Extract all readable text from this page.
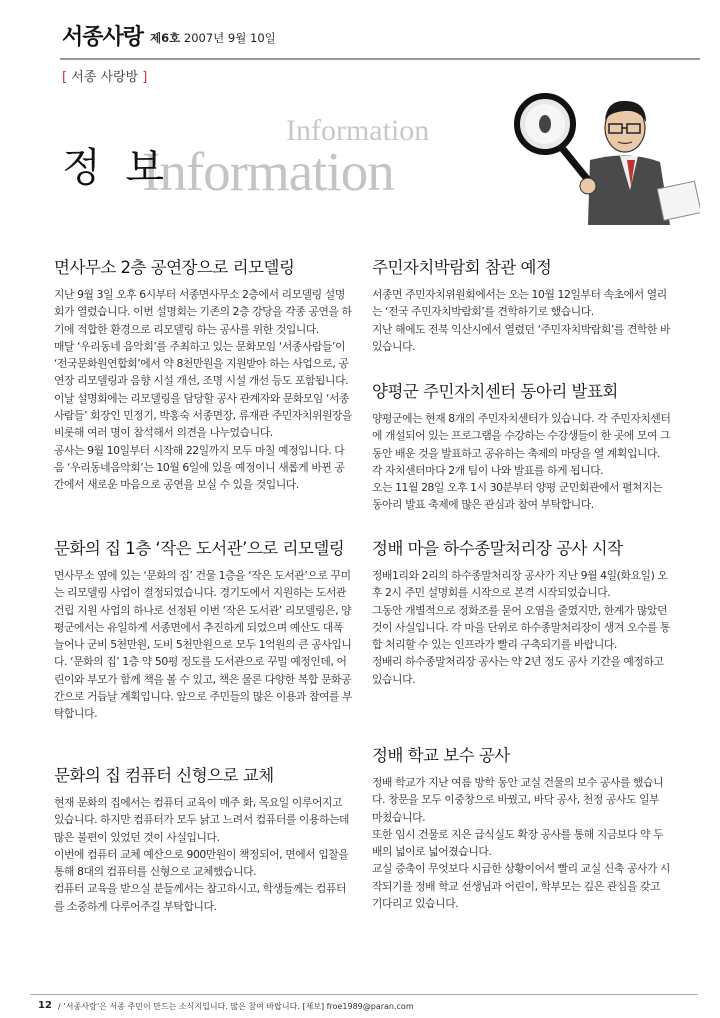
서종사랑 제6호 2007년 9월 10일
[ 서종 사랑방 ]
Information
Information
정 보
면사무소 2층 공연장으로 리모델링

지난 9월 3일 오후 6시부터 서종면사무소 2층에서 리모델링 설명회가 열렸습니다. 이번 설명회는 기존의 2층 강당을 각종 공연을 하기에 적합한 환경으로 리모델링 하는 공사를 위한 것입니다.

매달 ‘우리동네 음악회’를 주최하고 있는 문화모임 ‘서종사람들’이 ‘전국문화원연합회’에서 약 8천만원을 지원받아 하는 사업으로, 공연장 리모델링과 음향 시설 개선, 조명 시설 개선 등도 포함됩니다.

이날 설명회에는 리모델링을 담당할 공사 관계자와 문화모임 ‘서종사람들’ 회장인 민정기, 박홍숙 서종면장, 류재관 주민자치위원장을 비롯해 여러 명이 참석해서 의견을 나누었습니다.

공사는 9월 10일부터 시작해 22일까지 모두 마칠 예정입니다. 다음 ‘우리동네음악회’는 10월 6일에 있을 예정이니 새롭게 바뀐 공간에서 새로운 마음으로 공연을 보실 수 있을 것입니다.

문화의 집 1층 ‘작은 도서관’으로 리모델링

면사무소 옆에 있는 ‘문화의 집’ 건물 1층을 ‘작은 도서관’으로 꾸미는 리모델링 사업이 결정되었습니다. 경기도에서 지원하는 도서관 건립 지원 사업의 하나로 선정된 이번 ‘작은 도서관’ 리모델링은, 양평군에서는 유일하게 서종면에서 추진하게 되었으며 예산도 대폭 늘어나 군비 5천만원, 도비 5천만원으로 모두 1억원의 큰 공사입니다. ‘문화의 집’ 1층 약 50평 정도를 도서관으로 꾸밀 예정인데, 어린이와 부모가 함께 책을 볼 수 있고, 책은 물론 다양한 복합 문화공간으로 거듭날 계획입니다. 앞으로 주민들의 많은 이용과 참여를 부탁합니다.

문화의 집 컴퓨터 신형으로 교체

현재 문화의 집에서는 컴퓨터 교육이 매주 화, 목요일 이루어지고 있습니다. 하지만 컴퓨터가 모두 낡고 느려서 컴퓨터를 이용하는데 많은 불편이 있었던 것이 사실입니다.

이번에 컴퓨터 교체 예산으로 900만원이 책정되어, 면에서 입찰을 통해 8대의 컴퓨터를 신형으로 교체했습니다.

컴퓨터 교육을 받으실 분들께서는 참고하시고, 학생들께는 컴퓨터를 소중하게 다루어주길 부탁합니다.

주민자치박람회 참관 예정

서종면 주민자치위원회에서는 오는 10월 12일부터 속초에서 열리는 ‘전국 주민자치박람회’를 견학하기로 했습니다.

지난 해에도 전북 익산시에서 열렸던 ‘주민자치박람회’를 견학한 바 있습니다.

양평군 주민자치센터 동아리 발표회

양평군에는 현재 8개의 주민자치센터가 있습니다. 각 주민자치센터에 개설되어 있는 프로그램을 수강하는 수강생들이 한 곳에 모여 그 동안 배운 것을 발표하고 공유하는 축제의 마당을 열 계획입니다. 각 자치센터마다 2개 팀이 나와 발표를 하게 됩니다.

오는 11월 28일 오후 1시 30분부터 양평 군민회관에서 펼쳐지는 동아리 발표 축제에 많은 관심과 참여 부탁합니다.

정배 마을 하수종말처리장 공사 시작

정배1리와 2리의 하수종말처리장 공사가 지난 9월 4일(화요일) 오후 2시 주민 설명회를 시작으로 본격 시작되었습니다.

그동안 개별적으로 정화조를 묻어 오염을 줄였지만, 한계가 많았던 것이 사실입니다. 각 마을 단위로 하수종말처리장이 생겨 오수를 통합 처리할 수 있는 인프라가 빨리 구축되기를 바랍니다.

정배리 하수종말처리장 공사는 약 2년 정도 공사 기간을 예정하고 있습니다.

정배 학교 보수 공사

정배 학교가 지난 여름 방학 동안 교실 건물의 보수 공사를 했습니다. 창문을 모두 이중창으로 바꿨고, 바닥 공사, 천정 공사도 일부 마쳤습니다.

또한 임시 건물로 지은 급식실도 확장 공사를 통해 지금보다 약 두 배의 넓이로 넓어졌습니다.

교실 증축이 무엇보다 시급한 상황이어서 빨리 교실 신축 공사가 시작되기를 정배 학교 선생님과 어린이, 학부모는 깊은 관심을 갖고 기다리고 있습니다.

12 / ‘서종사랑’은 서종 주민이 만드는 소식지입니다. 많은 참여 바랍니다. [제보] froe1989@paran.com
